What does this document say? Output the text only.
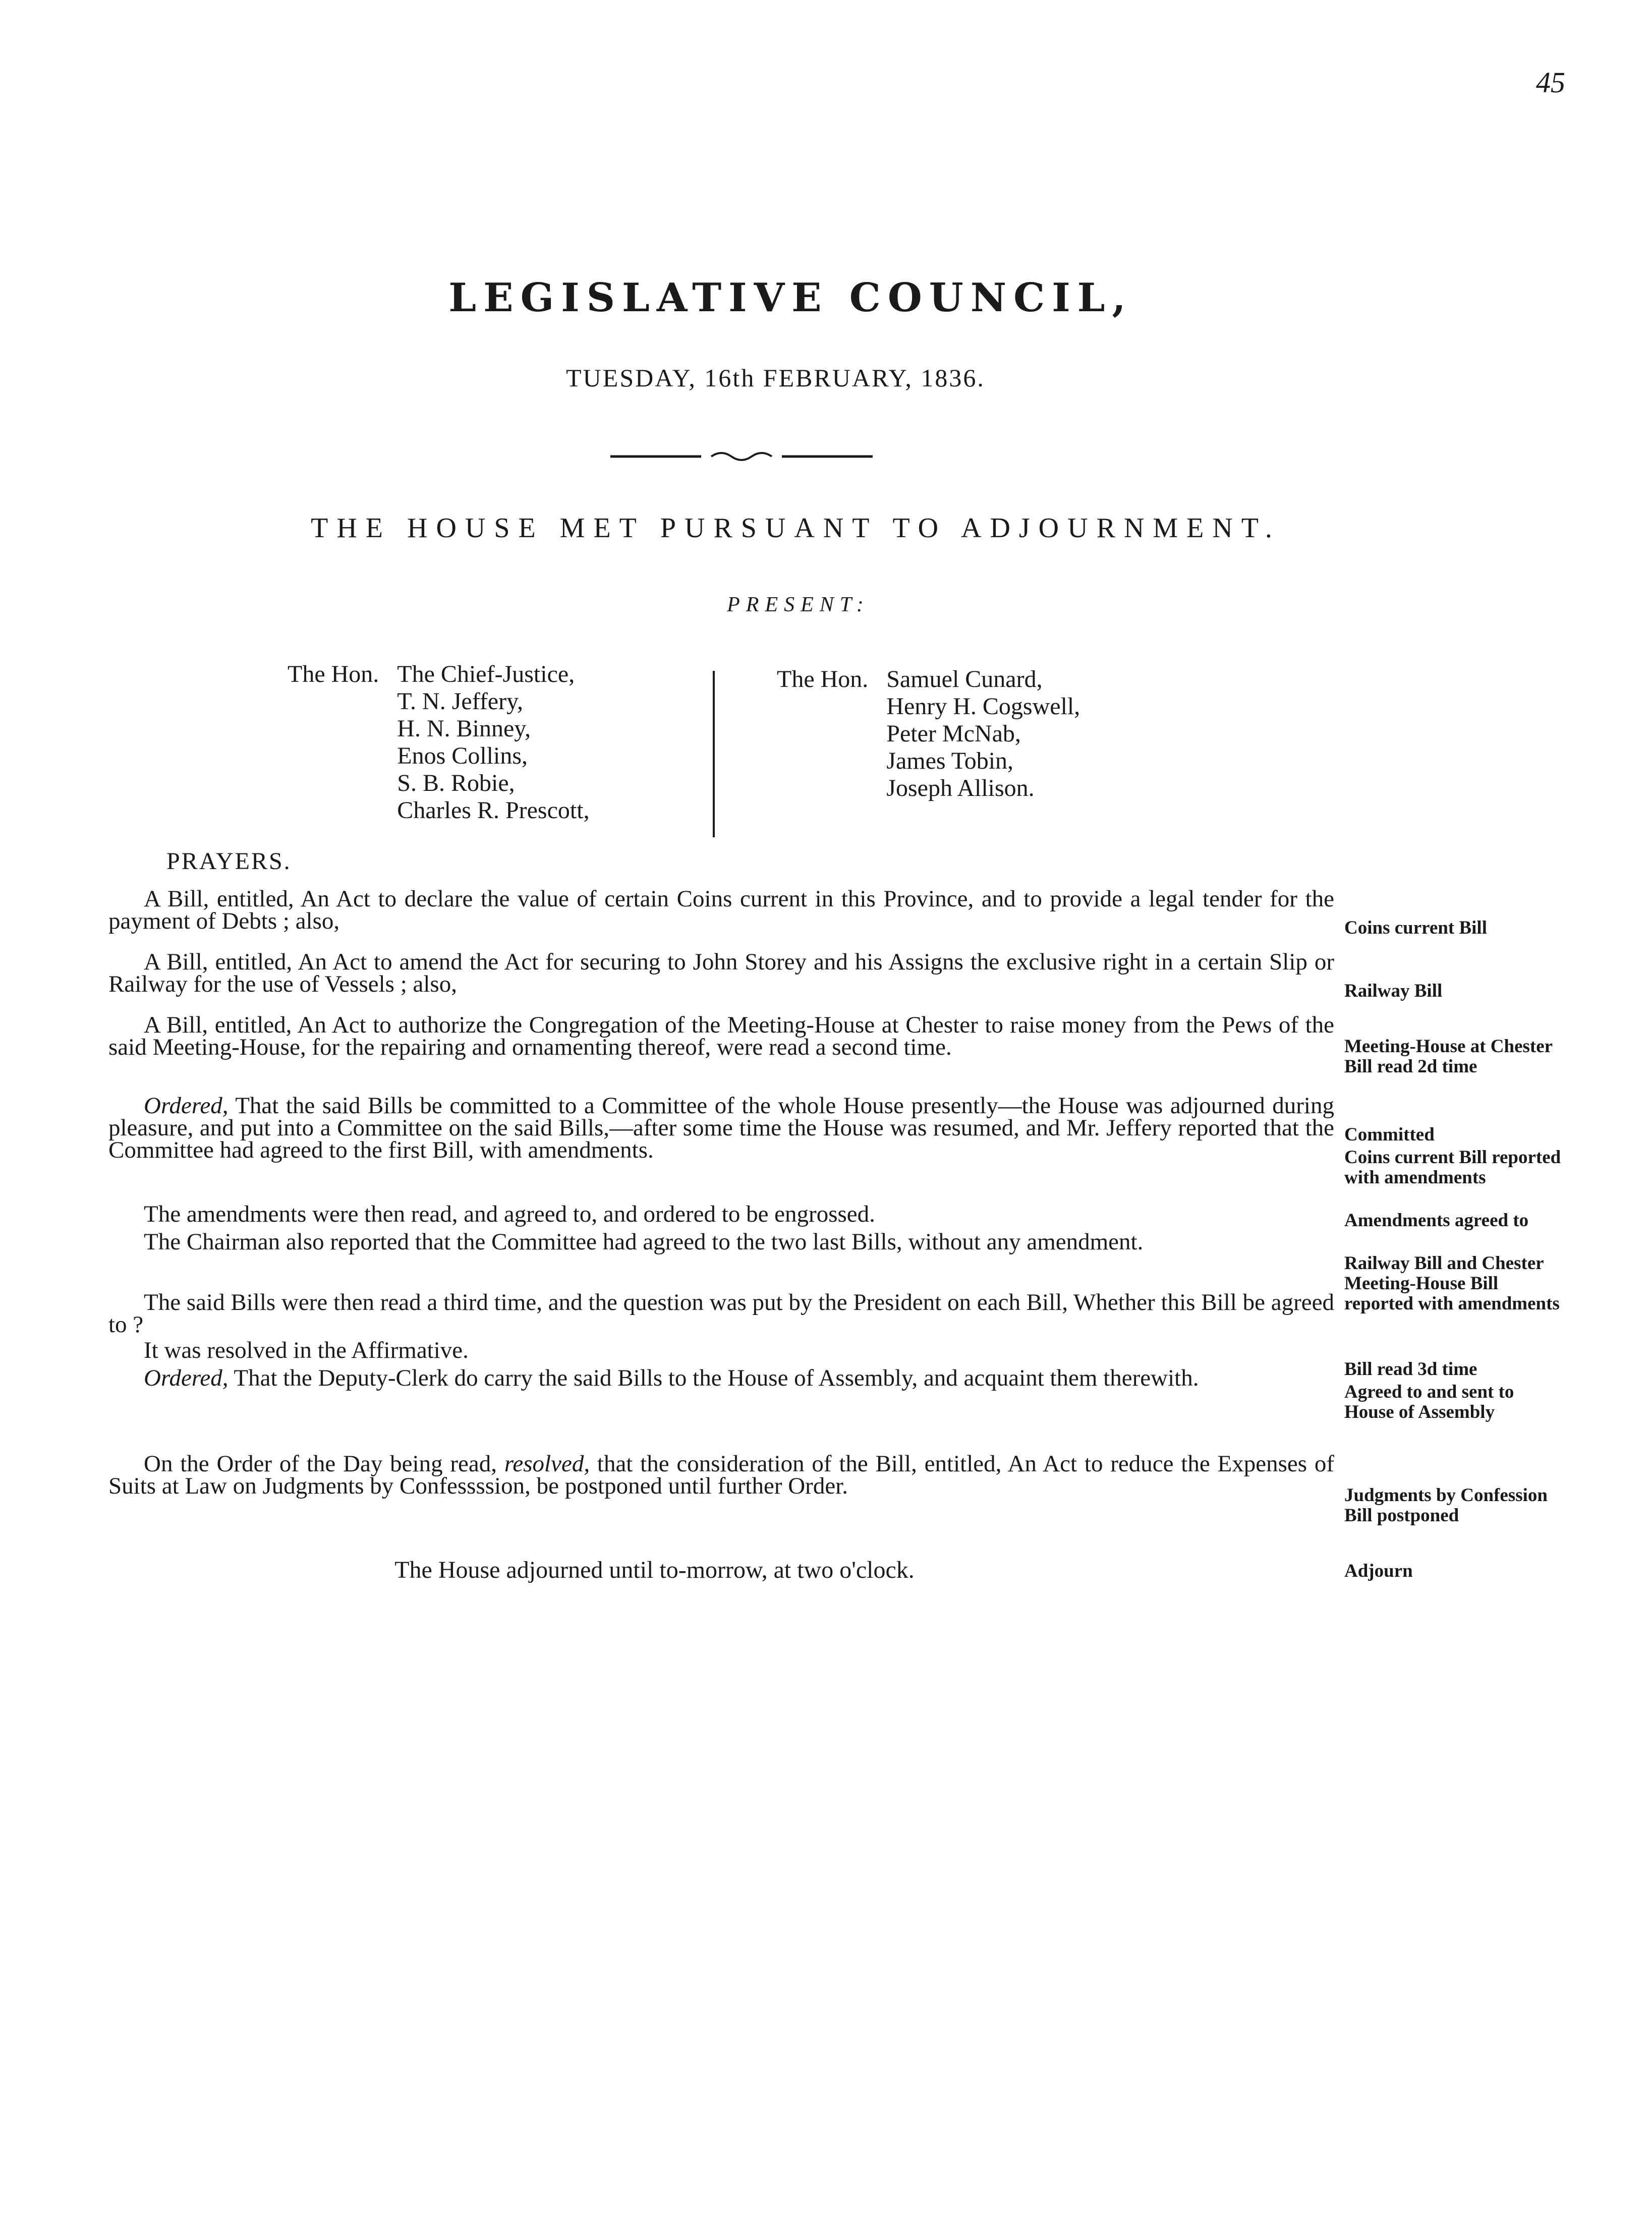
45
LEGISLATIVE COUNCIL,
TUESDAY, 16th FEBRUARY, 1836.
THE HOUSE MET PURSUANT TO ADJOURNMENT.
PRESENT:
The Hon. The Chief-Justice,
T. N. Jeffery,
H. N. Binney,
Enos Collins,
S. B. Robie,
Charles R. Prescott,
The Hon. Samuel Cunard,
Henry H. Cogswell,
Peter McNab,
James Tobin,
Joseph Allison.
PRAYERS.

A Bill, entitled, An Act to declare the value of certain Coins current in this Province, and to provide a legal tender for the payment of Debts ; also,

A Bill, entitled, An Act to amend the Act for securing to John Storey and his Assigns the exclusive right in a certain Slip or Railway for the use of Vessels ; also,

A Bill, entitled, An Act to authorize the Congregation of the Meeting-House at Chester to raise money from the Pews of the said Meeting-House, for the repairing and ornamenting thereof, were read a second time.

Ordered, That the said Bills be committed to a Committee of the whole House presently—the House was adjourned during pleasure, and put into a Committee on the said Bills,—after some time the House was resumed, and Mr. Jeffery reported that the Committee had agreed to the first Bill, with amendments.

The amendments were then read, and agreed to, and ordered to be engrossed.

The Chairman also reported that the Committee had agreed to the two last Bills, without any amendment.

The said Bills were then read a third time, and the question was put by the President on each Bill, Whether this Bill be agreed to ?

It was resolved in the Affirmative.

Ordered, That the Deputy-Clerk do carry the said Bills to the House of Assembly, and acquaint them therewith.

On the Order of the Day being read, resolved, that the consideration of the Bill, entitled, An Act to reduce the Expenses of Suits at Law on Judgments by Confessssion, be postponed until further Order.

The House adjourned until to-morrow, at two o'clock.
Coins current Bill
Railway Bill
Meeting-House at Chester Bill read 2d time
Committed
Coins current Bill reported with amendments
Amendments agreed to
Railway Bill and Chester Meeting-House Bill reported with amendments
Bill read 3d time
Agreed to and sent to House of Assembly
Judgments by Confession Bill postponed
Adjourn
